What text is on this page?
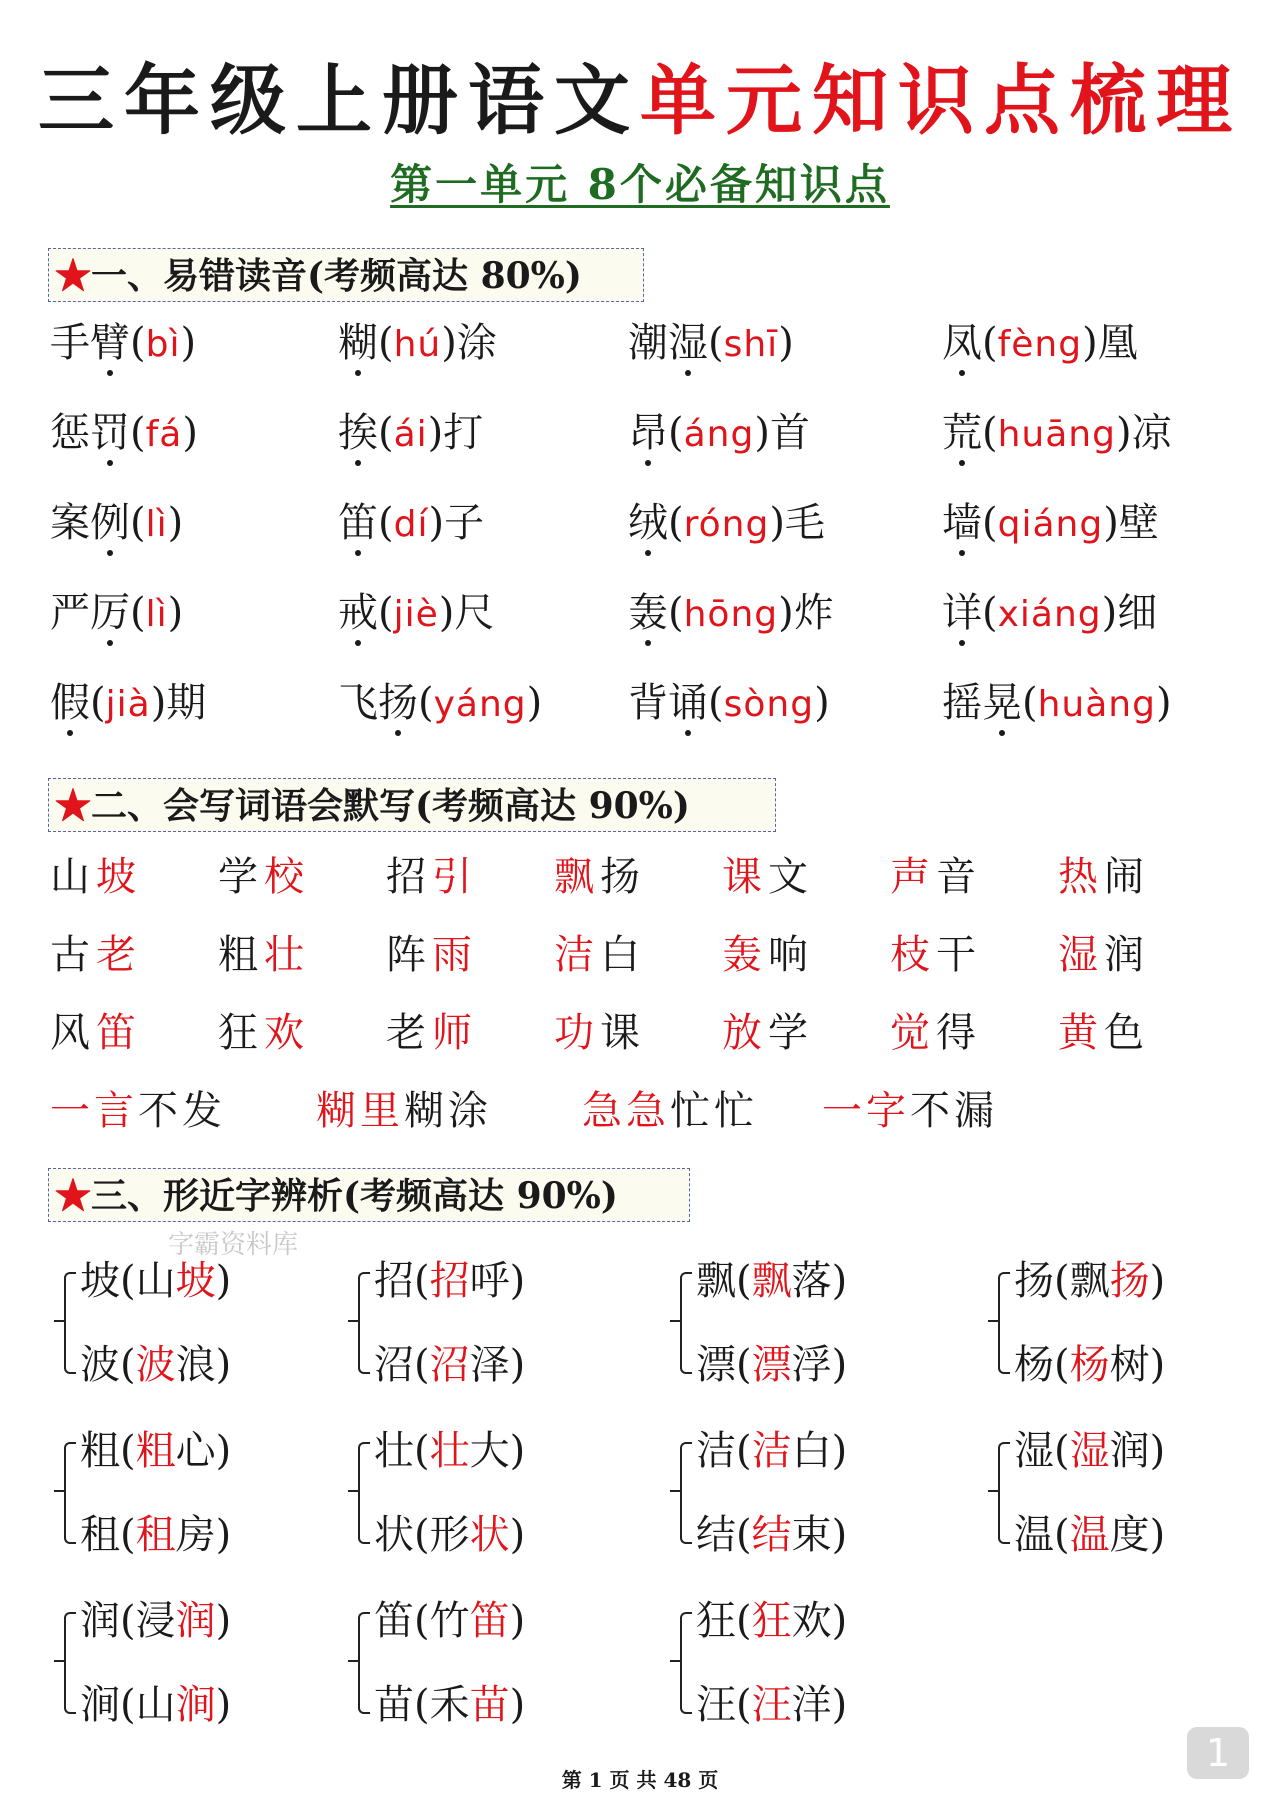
三年级上册语文单元知识点梳理
第一单元 8个必备知识点
★一、易错读音(考频高达 80%)
手臂(bì)	糊(hú)涂	潮湿(shī)	凤(fèng)凰
惩罚(fá)	挨(ái)打	昂(áng)首	荒(huāng)凉
案例(lì)	笛(dí)子	绒(róng)毛	墙(qiáng)壁
严厉(lì)	戒(jiè)尺	轰(hōng)炸	详(xiáng)细
假(jià)期	飞扬(yáng) 背诵(sòng)	摇晃(huàng)
★二、会写词语会默写(考频高达 90%)
山坡 学校 招引 飘扬 课文 声音 热闹
古老 粗壮 阵雨 洁白 轰响 枝干 湿润
风笛 狂欢 老师 功课 放学 觉得 黄色
一言不发 糊里糊涂 急急忙忙 一字不漏
★三、形近字辨析(考频高达 90%)
字霸资料库
坡(山坡)
波(波浪)
招(招呼)
沼(沼泽)
飘(飘落)
漂(漂浮)
扬(飘扬)
杨(杨树)
粗(粗心)
租(租房)
壮(壮大)
状(形状)
洁(洁白)
结(结束)
湿(湿润)
温(温度)
润(浸润)
涧(山涧)
笛(竹笛)
苗(禾苗)
狂(狂欢)
汪(汪洋)
1
第 1 页 共 48 页
